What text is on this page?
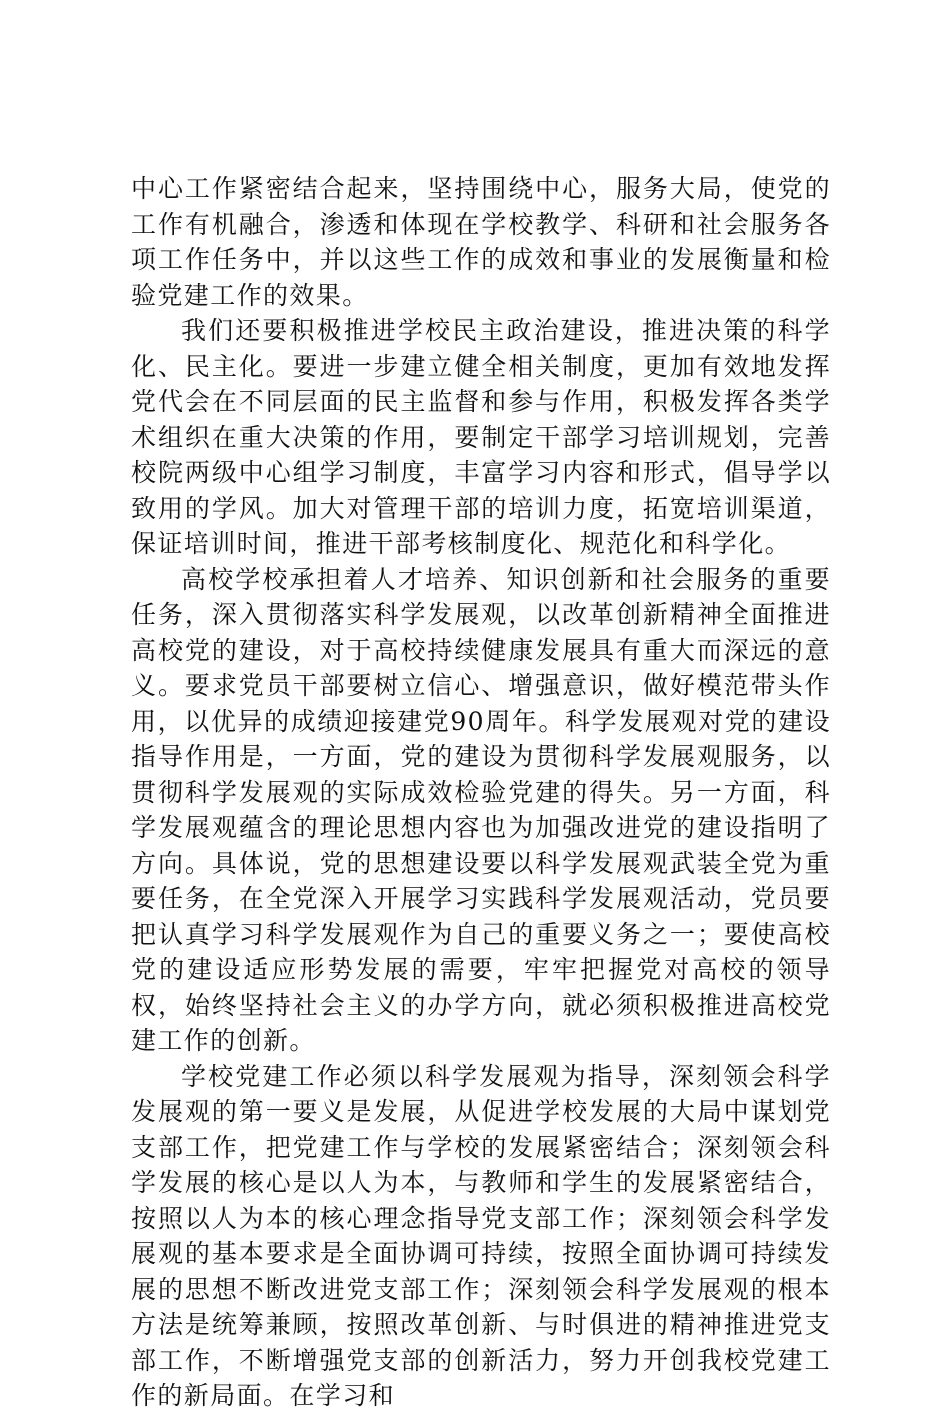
中心工作紧密结合起来，坚持围绕中心，服务大局，使党的工作有机融合，渗透和体现在学校教学、科研和社会服务各项工作任务中，并以这些工作的成效和事业的发展衡量和检验党建工作的效果。

我们还要积极推进学校民主政治建设，推进决策的科学化、民主化。要进一步建立健全相关制度，更加有效地发挥党代会在不同层面的民主监督和参与作用，积极发挥各类学术组织在重大决策的作用，要制定干部学习培训规划，完善校院两级中心组学习制度，丰富学习内容和形式，倡导学以致用的学风。加大对管理干部的培训力度，拓宽培训渠道，保证培训时间，推进干部考核制度化、规范化和科学化。

高校学校承担着人才培养、知识创新和社会服务的重要任务，深入贯彻落实科学发展观，以改革创新精神全面推进高校党的建设，对于高校持续健康发展具有重大而深远的意义。要求党员干部要树立信心、增强意识，做好模范带头作用，以优异的成绩迎接建党90周年。科学发展观对党的建设指导作用是，一方面，党的建设为贯彻科学发展观服务，以贯彻科学发展观的实际成效检验党建的得失。另一方面，科学发展观蕴含的理论思想内容也为加强改进党的建设指明了方向。具体说，党的思想建设要以科学发展观武装全党为重要任务，在全党深入开展学习实践科学发展观活动，党员要把认真学习科学发展观作为自己的重要义务之一；要使高校党的建设适应形势发展的需要，牢牢把握党对高校的领导权，始终坚持社会主义的办学方向，就必须积极推进高校党建工作的创新。

学校党建工作必须以科学发展观为指导，深刻领会科学发展观的第一要义是发展，从促进学校发展的大局中谋划党支部工作，把党建工作与学校的发展紧密结合；深刻领会科学发展的核心是以人为本，与教师和学生的发展紧密结合，按照以人为本的核心理念指导党支部工作；深刻领会科学发展观的基本要求是全面协调可持续，按照全面协调可持续发展的思想不断改进党支部工作；深刻领会科学发展观的根本方法是统筹兼顾，按照改革创新、与时俱进的精神推进党支部工作，不断增强党支部的创新活力，努力开创我校党建工作的新局面。在学习和
